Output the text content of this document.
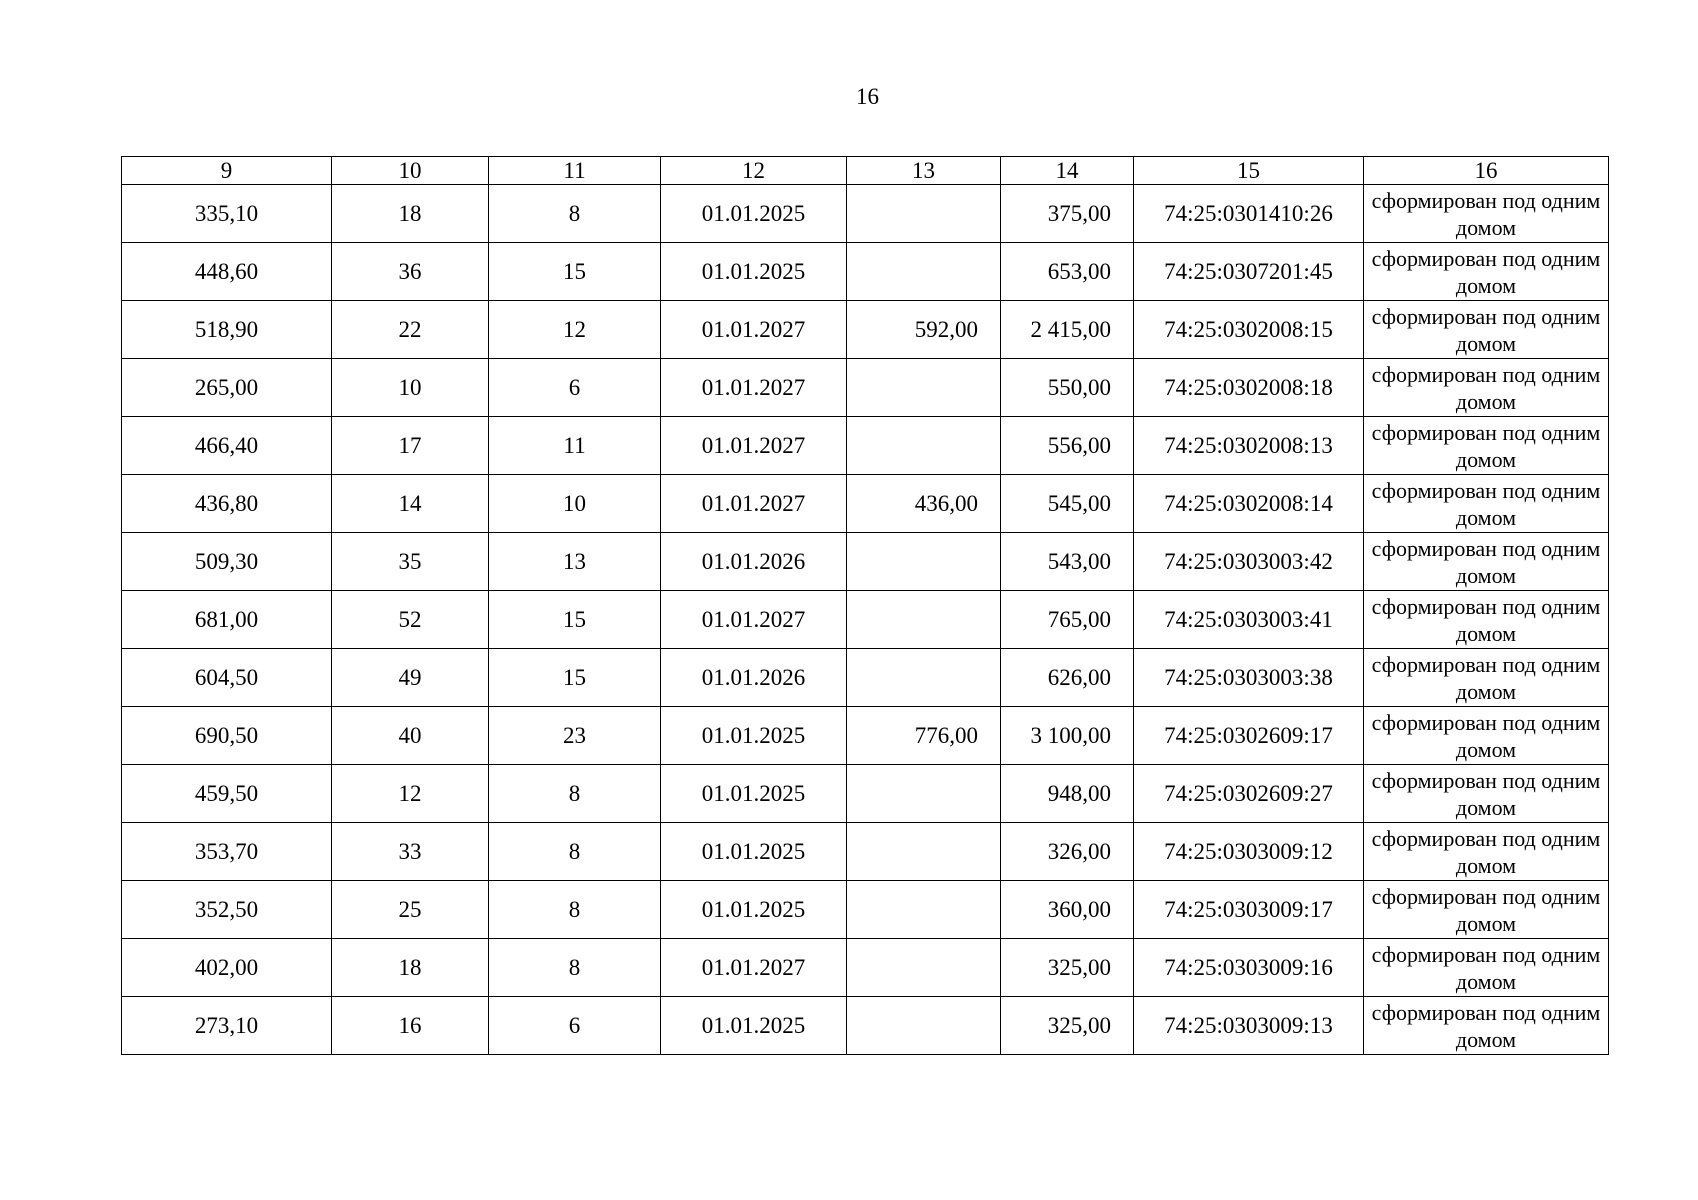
16
9	10	11	12	13	14	15	16
335,10	18	8	01.01.2025		375,00	74:25:0301410:26	сформирован под одним домом
448,60	36	15	01.01.2025		653,00	74:25:0307201:45	сформирован под одним домом
518,90	22	12	01.01.2027	592,00	2 415,00	74:25:0302008:15	сформирован под одним домом
265,00	10	6	01.01.2027		550,00	74:25:0302008:18	сформирован под одним домом
466,40	17	11	01.01.2027		556,00	74:25:0302008:13	сформирован под одним домом
436,80	14	10	01.01.2027	436,00	545,00	74:25:0302008:14	сформирован под одним домом
509,30	35	13	01.01.2026		543,00	74:25:0303003:42	сформирован под одним домом
681,00	52	15	01.01.2027		765,00	74:25:0303003:41	сформирован под одним домом
604,50	49	15	01.01.2026		626,00	74:25:0303003:38	сформирован под одним домом
690,50	40	23	01.01.2025	776,00	3 100,00	74:25:0302609:17	сформирован под одним домом
459,50	12	8	01.01.2025		948,00	74:25:0302609:27	сформирован под одним домом
353,70	33	8	01.01.2025		326,00	74:25:0303009:12	сформирован под одним домом
352,50	25	8	01.01.2025		360,00	74:25:0303009:17	сформирован под одним домом
402,00	18	8	01.01.2027		325,00	74:25:0303009:16	сформирован под одним домом
273,10	16	6	01.01.2025		325,00	74:25:0303009:13	сформирован под одним домом
